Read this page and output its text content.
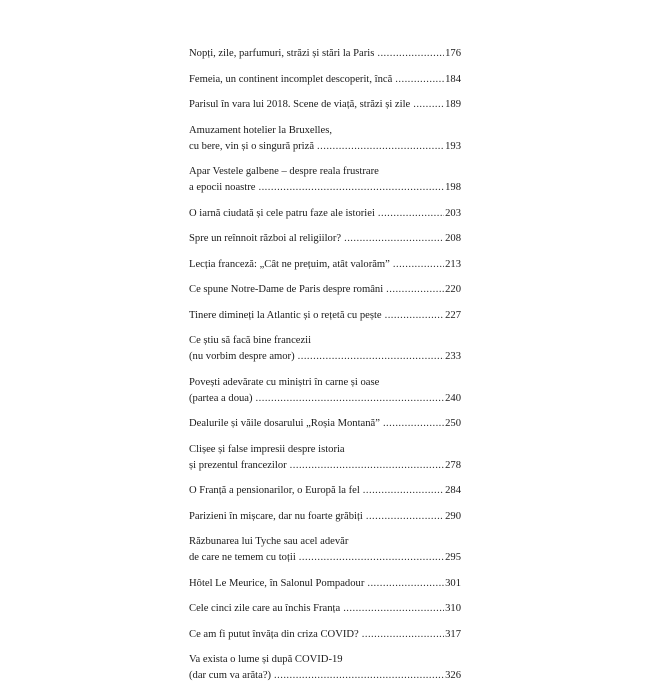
Nopți, zile, parfumuri, străzi și stări la Paris . . .	176
Femeia, un continent incomplet descoperit, încă . . .	184
Parisul în vara lui 2018. Scene de viață, străzi și zile . . .	189
Amuzament hotelier la Bruxelles,
cu bere, vin și o singură priză . . .	193
Apar Vestele galbene – despre reala frustrare
a epocii noastre . . .	198
O iarnă ciudată și cele patru faze ale istoriei . . .	203
Spre un reînnoit război al religiilor? . . .	208
Lecția franceză: „Cât ne prețuim, atât valorăm” . . .	213
Ce spune Notre-Dame de Paris despre români . . .	220
Tinere dimineți la Atlantic și o rețetă cu pește . . .	227
Ce știu să facă bine francezii
(nu vorbim despre amor) . . .	233
Povești adevărate cu miniștri în carne și oase
(partea a doua) . . .	240
Dealurile și văile dosarului „Roșia Montană” . . .	250
Clișee și false impresii despre istoria
și prezentul francezilor . . .	278
O Franță a pensionarilor, o Europă la fel . . .	284
Parizieni în mișcare, dar nu foarte grăbiți . . .	290
Răzbunarea lui Tyche sau acel adevăr
de care ne temem cu toții . . .	295
Hôtel Le Meurice, în Salonul Pompadour . . .	301
Cele cinci zile care au închis Franța . . .	310
Ce am fi putut învăța din criza COVID? . . .	317
Va exista o lume și după COVID-19
(dar cum va arăta?) . . .	326
